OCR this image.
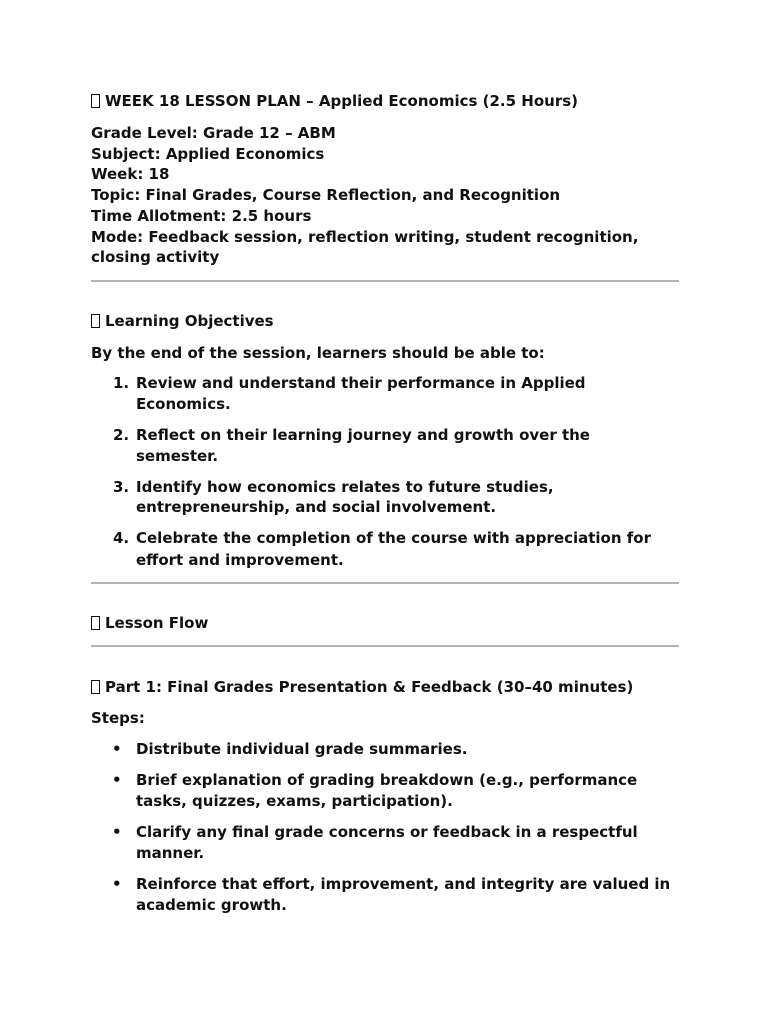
WEEK 18 LESSON PLAN – Applied Economics (2.5 Hours)
Grade Level: Grade 12 – ABM
Subject: Applied Economics
Week: 18
Topic: Final Grades, Course Reflection, and Recognition
Time Allotment: 2.5 hours
Mode: Feedback session, reflection writing, student recognition,
closing activity
Learning Objectives
By the end of the session, learners should be able to:
1. Review and understand their performance in Applied
Economics.
2. Reflect on their learning journey and growth over the
semester.
3. Identify how economics relates to future studies,
entrepreneurship, and social involvement.
4. Celebrate the completion of the course with appreciation for
effort and improvement.
Lesson Flow
Part 1: Final Grades Presentation & Feedback (30–40 minutes)
Steps:
• Distribute individual grade summaries.
• Brief explanation of grading breakdown (e.g., performance
tasks, quizzes, exams, participation).
• Clarify any final grade concerns or feedback in a respectful
manner.
• Reinforce that effort, improvement, and integrity are valued in
academic growth.
